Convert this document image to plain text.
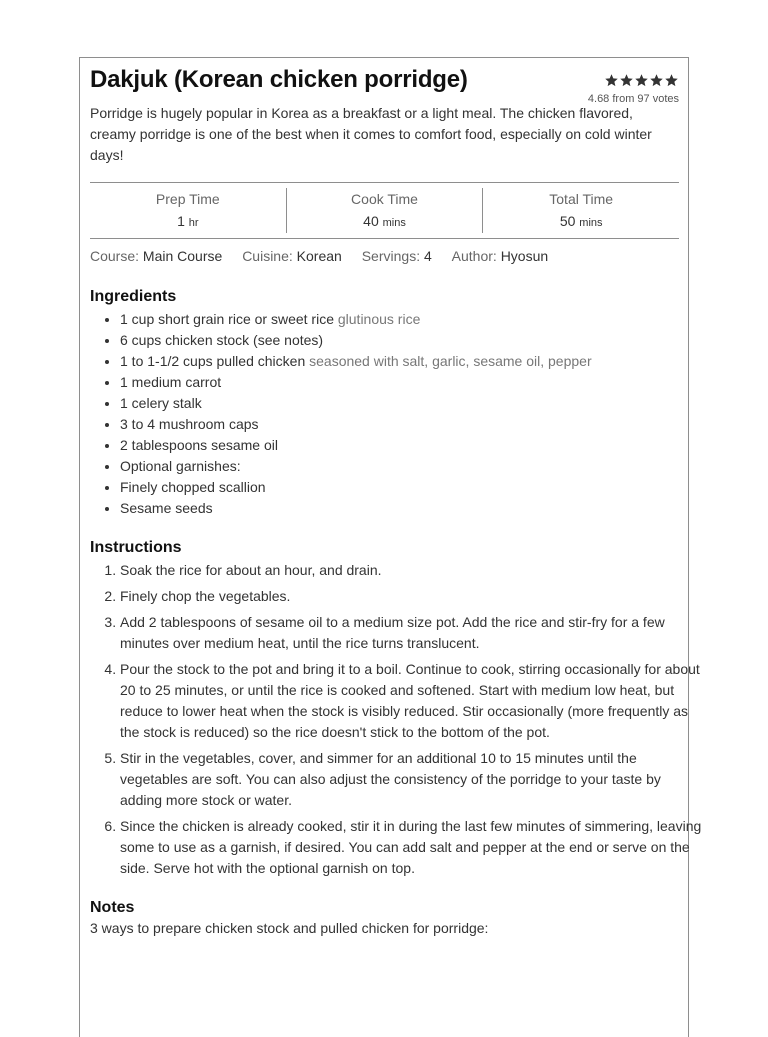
Dakjuk (Korean chicken porridge)
4.68 from 97 votes

Porridge is hugely popular in Korea as a breakfast or a light meal. The chicken flavored, creamy porridge is one of the best when it comes to comfort food, especially on cold winter days!

Prep Time
1 hr
Cook Time
40 mins
Total Time
50 mins
Course: Main Course Cuisine: Korean Servings: 4 Author: Hyosun
Ingredients
• 1 cup short grain rice or sweet rice glutinous rice
• 6 cups chicken stock (see notes)
• 1 to 1-1/2 cups pulled chicken seasoned with salt, garlic, sesame oil, pepper
• 1 medium carrot
• 1 celery stalk
• 3 to 4 mushroom caps
• 2 tablespoons sesame oil
• Optional garnishes:
• Finely chopped scallion
• Sesame seeds
Instructions
1. Soak the rice for about an hour, and drain.
2. Finely chop the vegetables.
3. Add 2 tablespoons of sesame oil to a medium size pot. Add the rice and stir-fry for a few minutes over medium heat, until the rice turns translucent.
4. Pour the stock to the pot and bring it to a boil. Continue to cook, stirring occasionally for about 20 to 25 minutes, or until the rice is cooked and softened. Start with medium low heat, but reduce to lower heat when the stock is visibly reduced. Stir occasionally (more frequently as the stock is reduced) so the rice doesn't stick to the bottom of the pot.
5. Stir in the vegetables, cover, and simmer for an additional 10 to 15 minutes until the vegetables are soft. You can also adjust the consistency of the porridge to your taste by adding more stock or water.
6. Since the chicken is already cooked, stir it in during the last few minutes of simmering, leaving some to use as a garnish, if desired. You can add salt and pepper at the end or serve on the side. Serve hot with the optional garnish on top.
Notes

3 ways to prepare chicken stock and pulled chicken for porridge:
